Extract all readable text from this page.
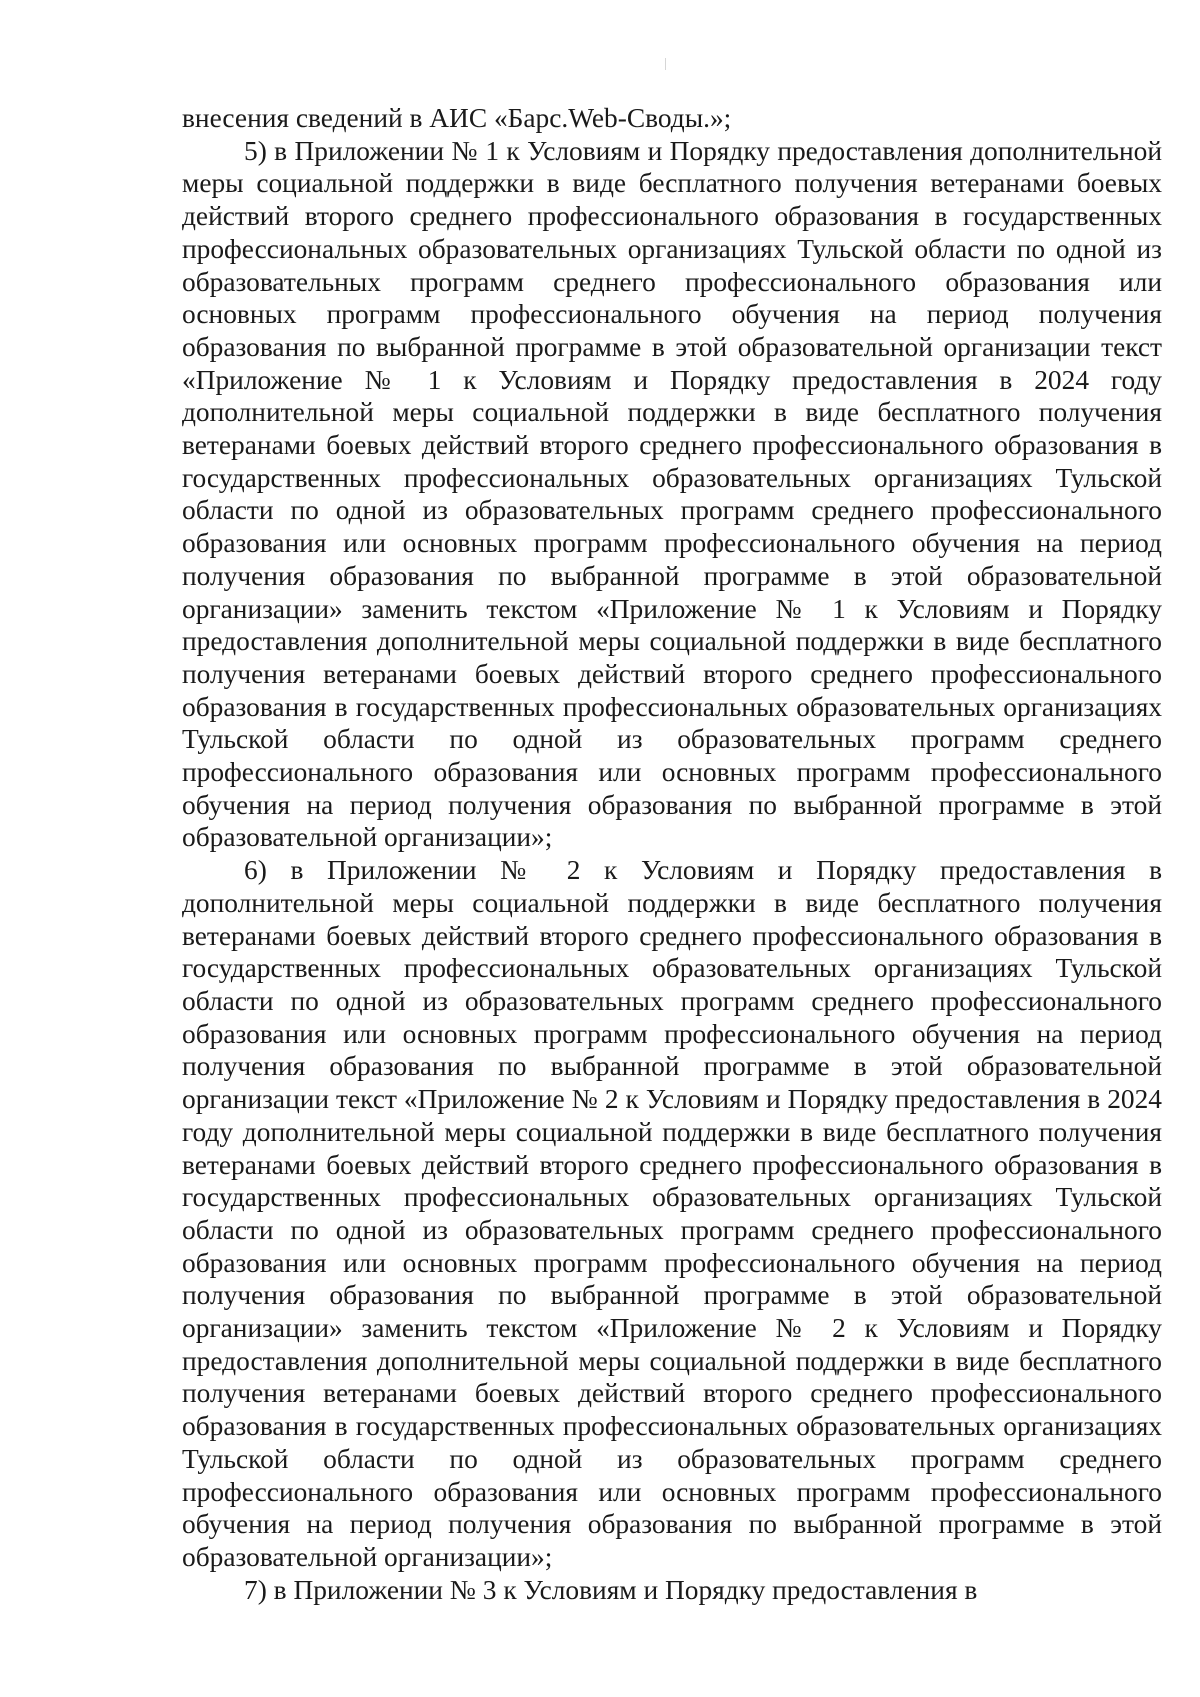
внесения сведений в АИС «Барс.Web-Своды.»;

5) в Приложении № 1 к Условиям и Порядку предоставления дополнительной меры социальной поддержки в виде бесплатного получения ветеранами боевых действий второго среднего профессионального образования в государственных профессиональных образовательных организациях Тульской области по одной из образовательных программ среднего профессионального образования или основных программ профессионального обучения на период получения образования по выбранной программе в этой образовательной организации текст «Приложение № 1 к Условиям и Порядку предоставления в 2024 году дополнительной меры социальной поддержки в виде бесплатного получения ветеранами боевых действий второго среднего профессионального образования в государственных профессиональных образовательных организациях Тульской области по одной из образовательных программ среднего профессионального образования или основных программ профессионального обучения на период получения образования по выбранной программе в этой образовательной организации» заменить текстом «Приложение № 1 к Условиям и Порядку предоставления дополнительной меры социальной поддержки в виде бесплатного получения ветеранами боевых действий второго среднего профессионального образования в государственных профессиональных образовательных организациях Тульской области по одной из образовательных программ среднего профессионального образования или основных программ профессионального обучения на период получения образования по выбранной программе в этой образовательной организации»;

6) в Приложении № 2 к Условиям и Порядку предоставления в дополнительной меры социальной поддержки в виде бесплатного получения ветеранами боевых действий второго среднего профессионального образования в государственных профессиональных образовательных организациях Тульской области по одной из образовательных программ среднего профессионального образования или основных программ профессионального обучения на период получения образования по выбранной программе в этой образовательной организации текст «Приложение № 2 к Условиям и Порядку предоставления в 2024 году дополнительной меры социальной поддержки в виде бесплатного получения ветеранами боевых действий второго среднего профессионального образования в государственных профессиональных образовательных организациях Тульской области по одной из образовательных программ среднего профессионального образования или основных программ профессионального обучения на период получения образования по выбранной программе в этой образовательной организации» заменить текстом «Приложение № 2 к Условиям и Порядку предоставления дополнительной меры социальной поддержки в виде бесплатного получения ветеранами боевых действий второго среднего профессионального образования в государственных профессиональных образовательных организациях Тульской области по одной из образовательных программ среднего профессионального образования или основных программ профессионального обучения на период получения образования по выбранной программе в этой образовательной организации»;

7) в Приложении № 3 к Условиям и Порядку предоставления в
